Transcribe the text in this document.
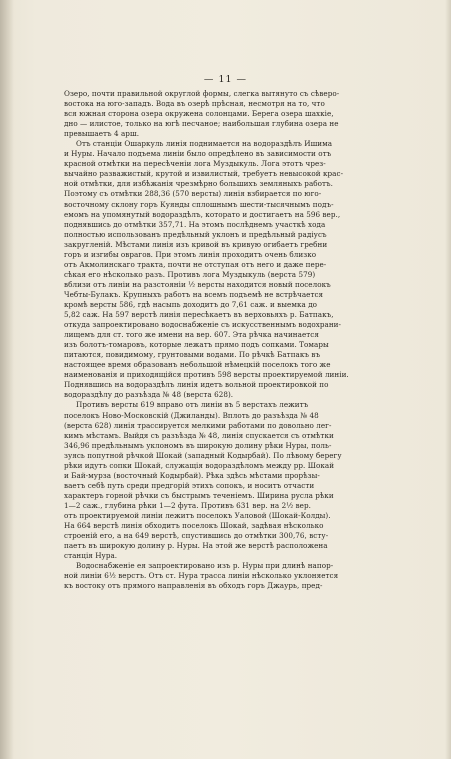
— 11 —
Озеро, почти правильной округлой формы, слегка вытянуто съ сѣверо-
востока на юго-западъ. Вода въ озерѣ прѣсная, несмотря на то, что
вся южная сторона озера окружена солонцами. Берега озера шахкіе,
дно — илистое, только на югѣ песчаное; наибольшая глубина озера не
превышаетъ 4 арш.
Отъ станціи Ошаркуль линія поднимается на водораздѣлъ Ишима
и Нуры. Начало подъема линіи было опредѣлено въ зависимости отъ
красной отмѣтки на пересѣченіи лога Муздыкуль. Лога этотъ чрез-
вычайно разважистый, крутой и извилистый, требуетъ невысокой крас-
ной отмѣтки, для избѣжанія чрезмѣрно большихъ земляныхъ работъ.
Поэтому съ отмѣтки 288,36 (570 версты) линія взбирается по юго-
восточному склону горъ Куянды сплошнымъ шести-тысячнымъ подъ-
емомъ на упомянутый водораздѣлъ, которато и достигаетъ на 596 вер.,
поднявшись до отмѣтки 357,71. На этомъ послѣднемъ участкѣ хода
полностью использованъ предѣльный уклонъ и предѣльный радіусъ
закругленій. Мѣстами линія изъ кривой въ кривую огибаетъ гребни
горъ и изгибы оврагов. При этомъ линія проходитъ очень близко
отъ Акмолинскаго тракта, почти не отступая отъ него и даже пере-
сѣкая его нѣсколько разъ. Противъ лога Муздыкуль (верста 579)
вблизи отъ линіи на разстояніи ½ версты находится новый поселокъ
Чебты-Булакъ. Крупныхъ работъ на всемъ подъемѣ не встрѣчается
кромѣ версты 586, гдѣ насыпь доходитъ до 7,61 саж. и выемка до
5,82 саж. На 597 верстѣ линія пересѣкаетъ въ верховьяхъ р. Батпакъ,
откуда запроектировано водоснабженіе съ искусственнымъ водохрани-
лищемъ для ст. того же имени на вер. 607. Эта рѣчка начинается
изъ болотъ-томаровъ, которые лежатъ прямо подъ сопками. Томары
питаются, повидимому, грунтовыми водами. По рѣчкѣ Батпакъ въ
настоящее время образованъ небольшой нѣмецкій поселокъ того же
наименованія и приходящійся противъ 598 версты проектируемой линіи.
Поднявшись на водораздѣлъ линія идетъ вольной проектировкой по
водораздѣлу до разъѣзда № 48 (верста 628).
Противъ версты 619 вправо отъ линіи въ 5 верстахъ лежитъ
поселокъ Ново-Московскій (Джиланды). Вплоть до разъѣзда № 48
(верста 628) линія трассируется мелкими работами по довольно лег-
кимъ мѣстамъ. Выйдя съ разъѣзда № 48, линія спускается съ отмѣтки
346,96 предѣльнымъ уклономъ въ широкую долину рѣки Нуры, поль-
зуясь попутной рѣчкой Шокай (западный Кодырбай). По лѣвому берегу
рѣки идутъ сопки Шокай, служащія водораздѣломъ между рр. Шокай
и Бай-мурза (восточный Кодырбай). Рѣка здѣсь мѣстами прорѣзы-
ваетъ себѣ путь среди предгорій этихъ сопокъ, и носитъ отчасти
характеръ горной рѣчки съ быстрымъ теченіемъ. Ширина русла рѣки
1—2 саж., глубина рѣки 1—2 фута. Противъ 631 вер. на 2½ вер.
отъ проектируемой линіи лежитъ поселокъ Уаловой (Шокай-Колды).
На 664 верстѣ линія обходитъ поселокъ Шокай, задѣвая нѣсколько
строеній его, а на 649 верстѣ, спустившись до отмѣтки 300,76, всту-
паетъ въ широкую долину р. Нуры. На этой же верстѣ расположена
станція Нура.
Водоснабженіе ея запроектировано изъ р. Нуры при длинѣ напор-
ной линіи 6½ верстъ. Отъ ст. Нура трасса линіи нѣсколько уклоняется
къ востоку отъ прямого направленія въ обходъ горъ Джаурь, пред-
